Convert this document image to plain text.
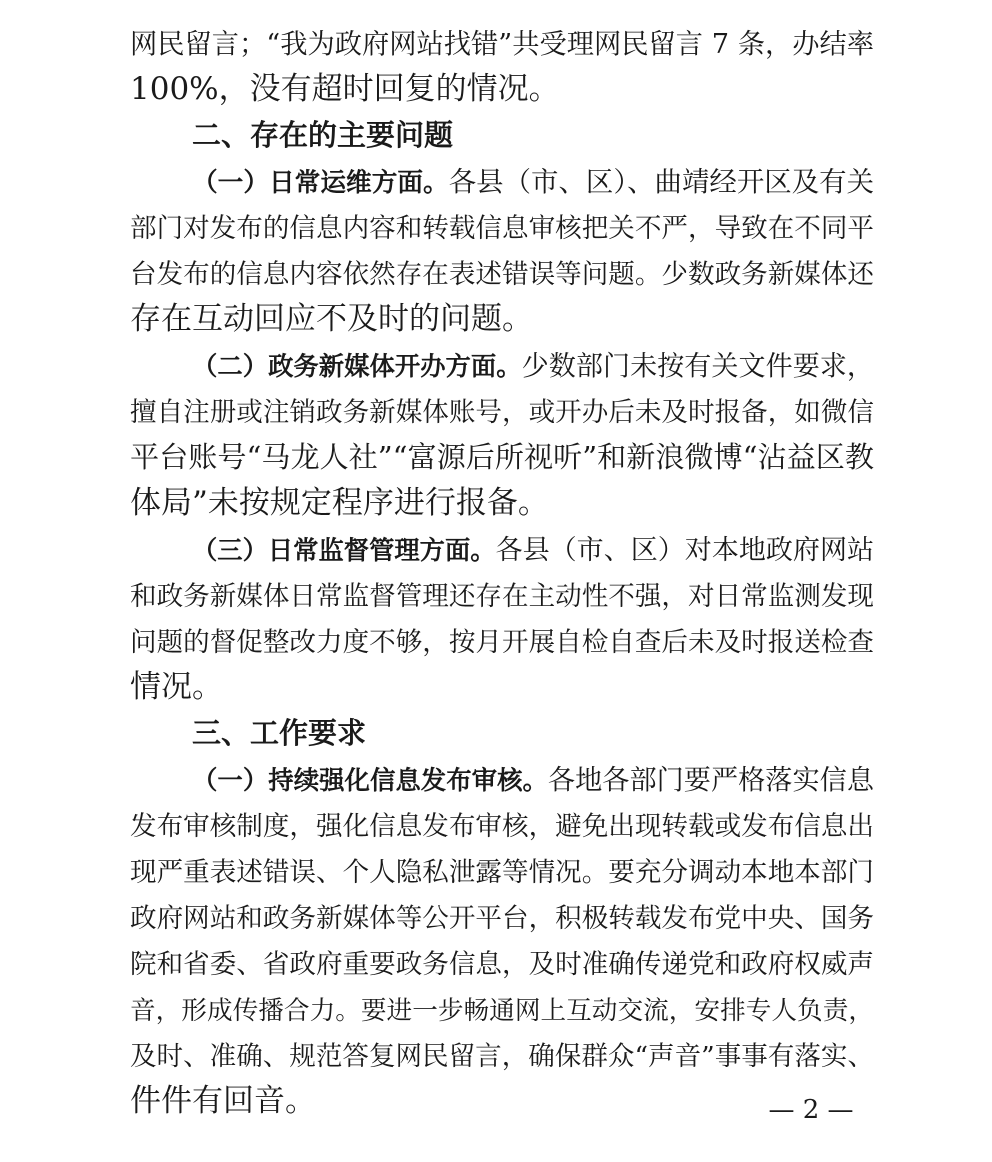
网民留言；“我为政府网站找错”共受理网民留言 7 条，办结率
100%，没有超时回复的情况。
二、存在的主要问题
（一）日常运维方面。各县（市、区）、曲靖经开区及有关
部门对发布的信息内容和转载信息审核把关不严，导致在不同平
台发布的信息内容依然存在表述错误等问题。少数政务新媒体还
存在互动回应不及时的问题。
（二）政务新媒体开办方面。少数部门未按有关文件要求，
擅自注册或注销政务新媒体账号，或开办后未及时报备，如微信
平台账号“马龙人社”“富源后所视听”和新浪微博“沾益区教
体局”未按规定程序进行报备。
（三）日常监督管理方面。各县（市、区）对本地政府网站
和政务新媒体日常监督管理还存在主动性不强，对日常监测发现
问题的督促整改力度不够，按月开展自检自查后未及时报送检查
情况。
三、工作要求
（一）持续强化信息发布审核。各地各部门要严格落实信息
发布审核制度，强化信息发布审核，避免出现转载或发布信息出
现严重表述错误、个人隐私泄露等情况。要充分调动本地本部门
政府网站和政务新媒体等公开平台，积极转载发布党中央、国务
院和省委、省政府重要政务信息，及时准确传递党和政府权威声
音，形成传播合力。要进一步畅通网上互动交流，安排专人负责，
及时、准确、规范答复网民留言，确保群众“声音”事事有落实、
件件有回音。	— 2 —
